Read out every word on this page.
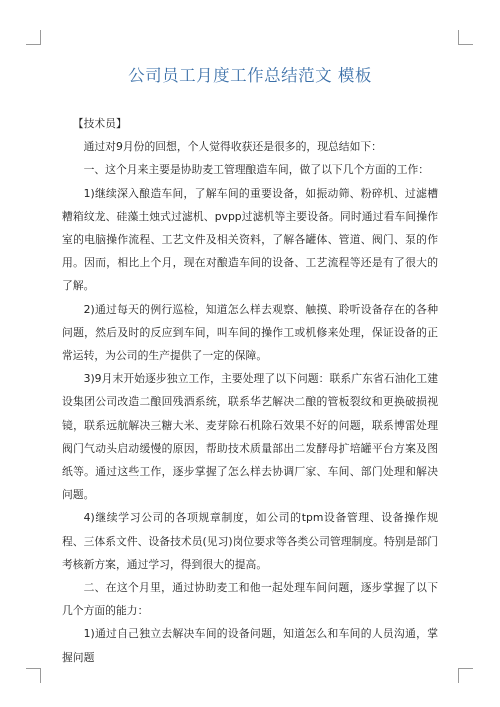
公司员工月度工作总结范文 模板

【技术员】

通过对9月份的回想，个人觉得收获还是很多的，现总结如下：

一、这个月来主要是协助麦工管理酿造车间，做了以下几个方面的工作：

1)继续深入酿造车间，了解车间的重要设备，如振动筛、粉碎机、过滤槽糟箱纹龙、硅藻土烛式过滤机、pvpp过滤机等主要设备。同时通过看车间操作室的电脑操作流程、工艺文件及相关资料，了解各罐体、管道、阀门、泵的作用。因而，相比上个月，现在对酿造车间的设备、工艺流程等还是有了很大的了解。

2)通过每天的例行巡检，知道怎么样去观察、触摸、聆听设备存在的各种问题，然后及时的反应到车间，叫车间的操作工或机修来处理，保证设备的正常运转，为公司的生产提供了一定的保障。

3)9月末开始逐步独立工作，主要处理了以下问题：联系广东省石油化工建设集团公司改造二酿回残酒系统，联系华艺解决二酿的管板裂纹和更换破损视镜，联系远航解决三糖大米、麦芽除石机除石效果不好的问题，联系博雷处理阀门气动头启动缓慢的原因，帮助技术质量部出二发酵母扩培罐平台方案及图纸等。通过这些工作，逐步掌握了怎么样去协调厂家、车间、部门处理和解决问题。

4)继续学习公司的各项规章制度，如公司的tpm设备管理、设备操作规程、三体系文件、设备技术员(见习)岗位要求等各类公司管理制度。特别是部门考核新方案，通过学习，得到很大的提高。

二、在这个月里，通过协助麦工和他一起处理车间问题，逐步掌握了以下几个方面的能力：

1)通过自己独立去解决车间的设备问题，知道怎么和车间的人员沟通，掌握问题
